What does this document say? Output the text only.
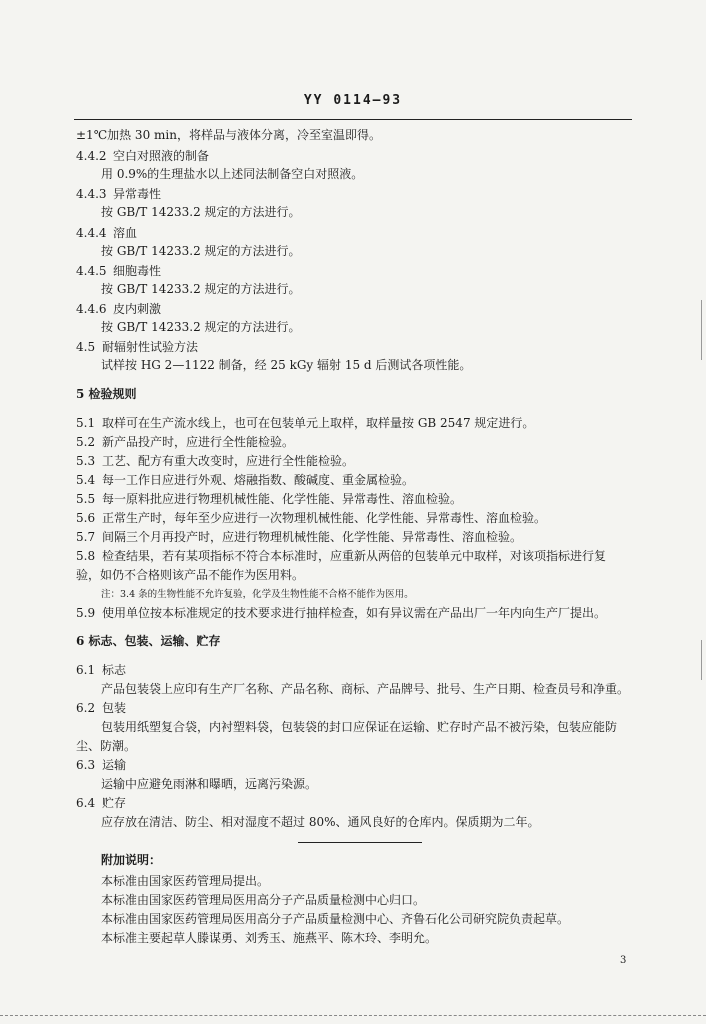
YY 0114—93
±1℃加热 30 min，将样品与液体分离，冷至室温即得。
4.4.2 空白对照液的制备
用 0.9%的生理盐水以上述同法制备空白对照液。
4.4.3 异常毒性
按 GB/T 14233.2 规定的方法进行。
4.4.4 溶血
按 GB/T 14233.2 规定的方法进行。
4.4.5 细胞毒性
按 GB/T 14233.2 规定的方法进行。
4.4.6 皮内刺激
按 GB/T 14233.2 规定的方法进行。
4.5 耐辐射性试验方法
试样按 HG 2—1122 制备，经 25 kGy 辐射 15 d 后测试各项性能。
5 检验规则
5.1 取样可在生产流水线上，也可在包装单元上取样，取样量按 GB 2547 规定进行。
5.2 新产品投产时，应进行全性能检验。
5.3 工艺、配方有重大改变时，应进行全性能检验。
5.4 每一工作日应进行外观、熔融指数、酸碱度、重金属检验。
5.5 每一原料批应进行物理机械性能、化学性能、异常毒性、溶血检验。
5.6 正常生产时，每年至少应进行一次物理机械性能、化学性能、异常毒性、溶血检验。
5.7 间隔三个月再投产时，应进行物理机械性能、化学性能、异常毒性、溶血检验。
5.8 检查结果，若有某项指标不符合本标准时，应重新从两倍的包装单元中取样，对该项指标进行复
验，如仍不合格则该产品不能作为医用料。
注：3.4 条的生物性能不允许复验，化学及生物性能不合格不能作为医用。
5.9 使用单位按本标准规定的技术要求进行抽样检查，如有异议需在产品出厂一年内向生产厂提出。
6 标志、包装、运输、贮存
6.1 标志
产品包装袋上应印有生产厂名称、产品名称、商标、产品牌号、批号、生产日期、检查员号和净重。
6.2 包装
包装用纸塑复合袋，内衬塑料袋，包装袋的封口应保证在运输、贮存时产品不被污染，包装应能防
尘、防潮。
6.3 运输
运输中应避免雨淋和曝晒，远离污染源。
6.4 贮存
应存放在清洁、防尘、相对湿度不超过 80%、通风良好的仓库内。保质期为二年。
附加说明：
本标准由国家医药管理局提出。
本标准由国家医药管理局医用高分子产品质量检测中心归口。
本标准由国家医药管理局医用高分子产品质量检测中心、齐鲁石化公司研究院负责起草。
本标准主要起草人滕谋勇、刘秀玉、施燕平、陈木玲、李明允。
3
